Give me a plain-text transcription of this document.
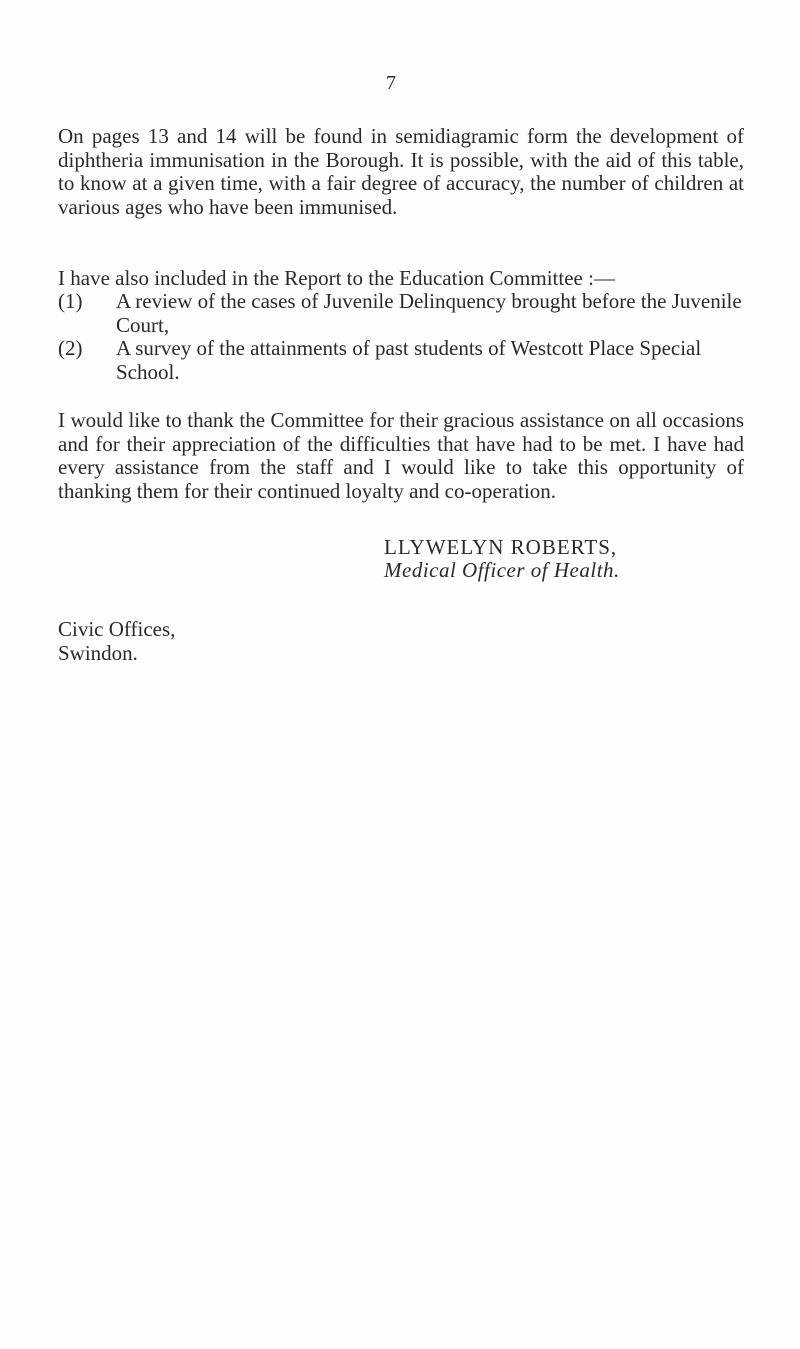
7

On pages 13 and 14 will be found in semidiagramic form the development of diphtheria immunisation in the Borough. It is possible, with the aid of this table, to know at a given time, with a fair degree of accuracy, the number of children at various ages who have been immunised.

I have also included in the Report to the Education Committee :—

(1) A review of the cases of Juvenile Delinquency brought before the Juvenile Court,
(2) A survey of the attainments of past students of Westcott Place Special School.

I would like to thank the Committee for their gracious assistance on all occasions and for their appreciation of the difficulties that have had to be met. I have had every assistance from the staff and I would like to take this opportunity of thanking them for their continued loyalty and co-operation.

LLYWELYN ROBERTS,
Medical Officer of Health.
Civic Offices,
Swindon.
